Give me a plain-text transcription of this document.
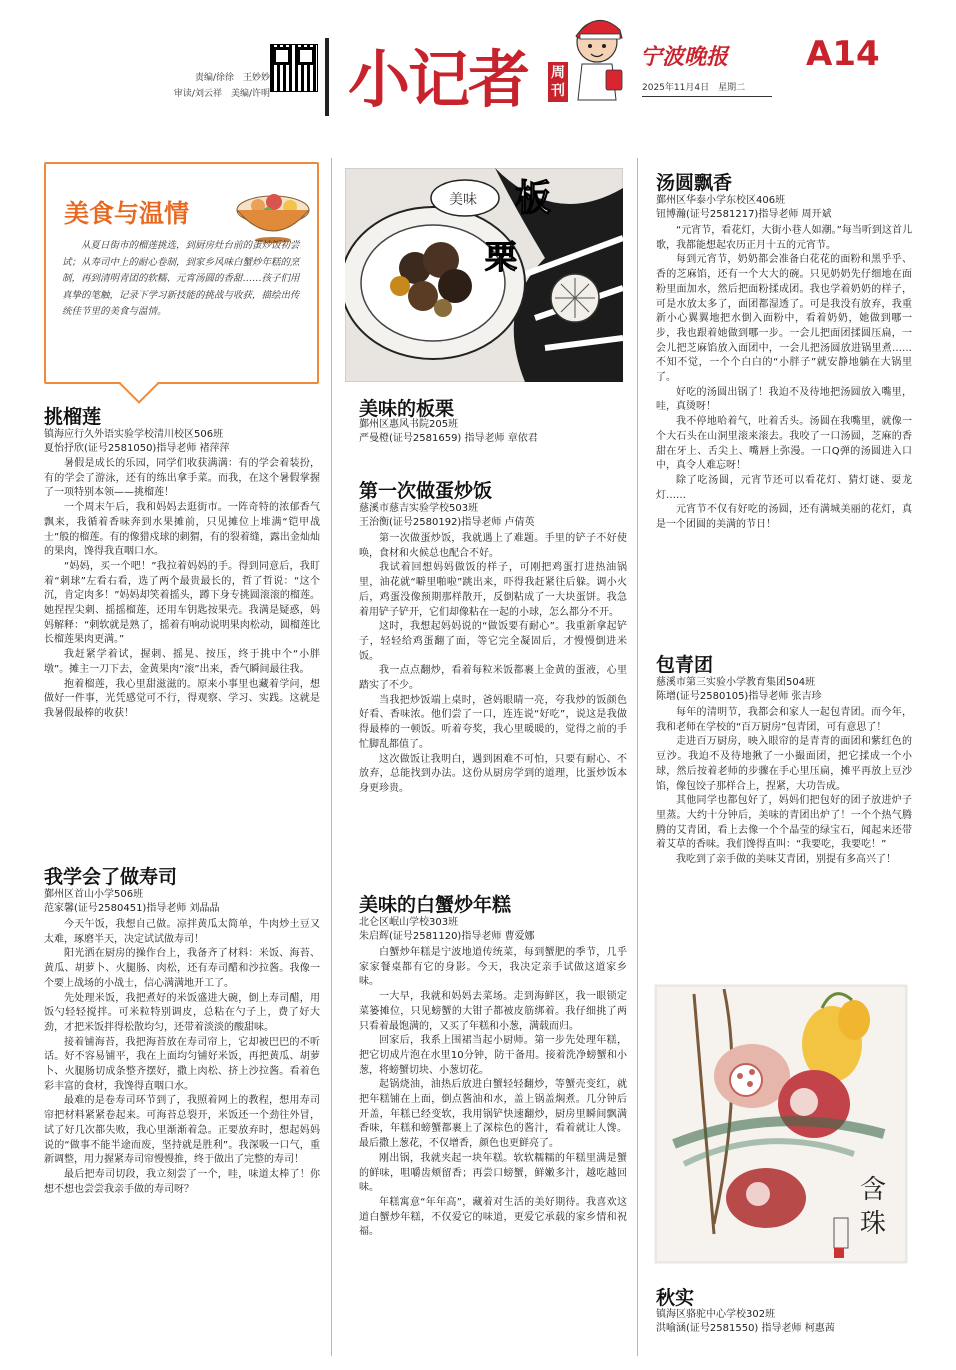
责编/徐徐　王妙妙
审读/刘云祥　美编/许明 小记者 周刊
宁波晚报 A14
2025年11月4日　星期二
美食与温情
从夏日街市的榴莲挑选，到厨房灶台前的蛋炒饭初尝试；从寿司中上的耐心卷制，到家乡风味白蟹炒年糕的烹制，再到清明青团的软糯、元宵汤圆的香甜……孩子们用真挚的笔触，记录下学习新技能的挑战与收获，描绘出传统佳节里的美食与温情。
美味 板
栗
美味的板栗
鄞州区惠风书院205班
严曼橙(证号2581659) 指导老师 章依君
含
珠
秋实
镇海区骆驼中心学校302班
洪喻涵(证号2581550) 指导老师 柯惠茜
挑榴莲
镇海应行久外语实验学校清川校区506班
夏怡抒欣(证号2581050)指导老师 褚萍萍

暑假是成长的乐园，同学们收获满满：有的学会着装扮，有的学会了游泳，还有的练出拿手菜。而我，在这个暑假掌握了一项特别本领——挑榴莲！

一个周末午后，我和妈妈去逛街市。一阵奇特的浓郁香气飘来，我循着香味奔到水果摊前，只见摊位上堆满“铠甲战士”般的榴莲。有的像猎戍球的刺猬，有的裂着缝，露出金灿灿的果肉，馋得我直咽口水。

“妈妈，买一个吧！”我拉着妈妈的手。得到同意后，我盯着“刺球”左看右看，选了两个最贵最长的，哲了哲说：“这个沉，肯定肉多！”妈妈却笑着摇头，蹲下身专挑圆滚滚的榴莲。她捏捏尖刺、摇摇榴莲，还用车钥匙按果壳。我满是疑惑，妈妈解释：“刺软就是熟了，摇着有响动说明果肉松动，圆榴莲比长榴莲果肉更满。”

我赶紧学着试，握刺、摇晃、按压，终于挑中个“小胖墩”。摊主一刀下去，金黄果肉“滚”出来，香气瞬间最往我。

抱着榴莲，我心里甜滋滋的。原来小事里也藏着学问，想做好一件事，光凭感觉可不行，得观察、学习、实践。这就是我暑假最棒的收获！

我学会了做寿司
鄞州区首山小学506班
范家馨(证号2580451)指导老师 刘晶晶

今天午饭，我想自己做。凉拌黄瓜太简单，牛肉炒土豆又太难，琢磨半天，决定试试做寿司！

阳光洒在厨房的操作台上，我备齐了材料：米饭、海苔、黄瓜、胡萝卜、火腿肠、肉松，还有寿司醋和沙拉酱。我像一个要上战场的小战士，信心满满地开工了。

先处理米饭，我把煮好的米饭盛进大碗，倒上寿司醋，用饭勺轻轻搅拌。可米粒特别调皮，总粘在勺子上，费了好大劲，才把米饭拌得松散均匀，还带着淡淡的酸甜味。

接着铺海苔，我把海苔放在寿司帘上，它却被巴巴的不听话。好不容易铺平，我在上面均匀铺好米饭，再把黄瓜、胡萝卜、火腿肠切成条整齐摆好，撒上肉松、挤上沙拉酱。看着色彩丰富的食材，我馋得直咽口水。

最难的是卷寿司环节到了，我照着网上的教程，想用寿司帘把材料紧紧卷起来。可海苔总裂开，米饭还一个劲往外冒，试了好几次都失败，我心里渐渐着急。正要放弃时，想起妈妈说的“做事不能半途而废，坚持就是胜利”。我深吸一口气，重新调整，用力握紧寿司帘慢慢推，终于做出了完整的寿司！

最后把寿司切段，我立刻尝了一个，哇，味道太棒了！你想不想也尝尝我亲手做的寿司呀？

第一次做蛋炒饭
慈溪市慈吉实验学校503班
王治衡(证号2580192)指导老师 卢倩英

第一次做蛋炒饭，我就遇上了难题。手里的铲子不好使唤，食材和火候总也配合不好。

我试着回想妈妈做饭的样子，可刚把鸡蛋打进热油锅里，油花就“噼里啪啦”跳出来，吓得我赶紧往后躲。调小火后，鸡蛋没像预期那样散开，反倒粘成了一大块蛋饼。我急着用铲子铲开，它们却像粘在一起的小球，怎么都分不开。

这时，我想起妈妈说的“做饭要有耐心”。我重新拿起铲子，轻轻给鸡蛋翻了面，等它完全凝固后，才慢慢倒进米饭。

我一点点翻炒，看着每粒米饭都裹上金黄的蛋液，心里踏实了不少。

当我把炒饭端上桌时，爸妈眼睛一亮，夸我炒的饭颜色好看、香味浓。他们尝了一口，连连说“好吃”，说这是我做得最棒的一顿饭。听着夸奖，我心里暖暖的，觉得之前的手忙脚乱都值了。

这次做饭让我明白，遇到困难不可怕，只要有耐心、不放弃，总能找到办法。这份从厨房学到的道理，比蛋炒饭本身更珍贵。

美味的白蟹炒年糕
北仑区岷山学校303班
朱启辉(证号2581120)指导老师 曹爱娜

白蟹炒年糕是宁波地道传统菜，每到蟹肥的季节，几乎家家餐桌都有它的身影。今天，我决定亲手试做这道家乡味。

一大早，我就和妈妈去菜场。走到海鲜区，我一眼锁定菜篓摊位，只见螃蟹的大钳子都被皮筋绑着。我仔细挑了两只看着最饱满的，又买了年糕和小葱，满载而归。

回家后，我系上围裙当起小厨师。第一步先处理年糕，把它切成片泡在水里10分钟，防干备用。接着洗净螃蟹和小葱，将螃蟹切块、小葱切花。

起锅烧油，油热后放进白蟹轻轻翻炒，等蟹壳变红，就把年糕铺在上面，倒点酱油和水，盖上锅盖焖煮。几分钟后开盖，年糕已经变软，我用锅铲快速翻炒，厨房里瞬间飘满香味，年糕和螃蟹都裹上了深棕色的酱汁，看着就让人馋。最后撒上葱花，不仅增香，颜色也更鲜亮了。

刚出锅，我就夹起一块年糕。软软糯糯的年糕里满是蟹的鲜味，咀嚼齿颊留香；再尝口螃蟹，鲜嫩多汁，越吃越回味。

年糕寓意“年年高”，藏着对生活的美好期待。我喜欢这道白蟹炒年糕，不仅爱它的味道，更爱它承载的家乡情和祝福。

汤圆飘香
鄞州区华泰小学东校区406班
钮博瀚(证号2581217)指导老师 周开斌

“元宵节，看花灯，大街小巷人如潮。”每当听到这首儿歌，我都能想起农历正月十五的元宵节。

每到元宵节，奶奶都会准备白花花的面粉和黑乎乎、香的芝麻馅，还有一个大大的碗。只见奶奶先仔细地在面粉里面加水，然后把面粉揉成团。我也学着奶奶的样子，可是水放太多了，面团都湿透了。可是我没有放弃，我重新小心翼翼地把水倒入面粉中，看着奶奶，她做到哪一步，我也跟着她做到哪一步。一会儿把面团揉圆压扁，一会儿把芝麻馅放入面团中，一会儿把汤圆放进锅里煮……不知不觉，一个个白白的“小胖子”就安静地躺在大锅里了。

好吃的汤圆出锅了！我迫不及待地把汤圆放入嘴里，哇，真烫呀！

我不停地哈着气，吐着舌头。汤圆在我嘴里，就像一个大石头在山洞里滚来滚去。我咬了一口汤圆，芝麻的香甜在牙上、舌尖上、嘴唇上弥漫。一口Q弹的汤圆进入口中，真令人难忘呀！

除了吃汤圆，元宵节还可以看花灯、猜灯谜、耍龙灯……

元宵节不仅有好吃的汤圆，还有满城美丽的花灯，真是一个团圆的美满的节日！

包青团
慈溪市第三实验小学教育集团504班
陈增(证号2580105)指导老师 张吉珍

每年的清明节，我都会和家人一起包青团。而今年，我和老师在学校的“百万厨房”包青团，可有意思了！

走进百万厨房，映入眼帘的是青青的面团和紫红色的豆沙。我迫不及待地揪了一小撮面团，把它揉成一个小球，然后按着老师的步骤在手心里压扁，摊平再放上豆沙馅，像包饺子那样合上，捏紧，大功告成。

其他同学也都包好了，妈妈们把包好的团子放进炉子里蒸。大约十分钟后，美味的青团出炉了！一个个热气腾腾的艾青团，看上去像一个个晶莹的绿宝石，闻起来还带着艾草的香味。我们馋得直叫：“我要吃，我要吃！”

我吃到了亲手做的美味艾青团，别提有多高兴了！
